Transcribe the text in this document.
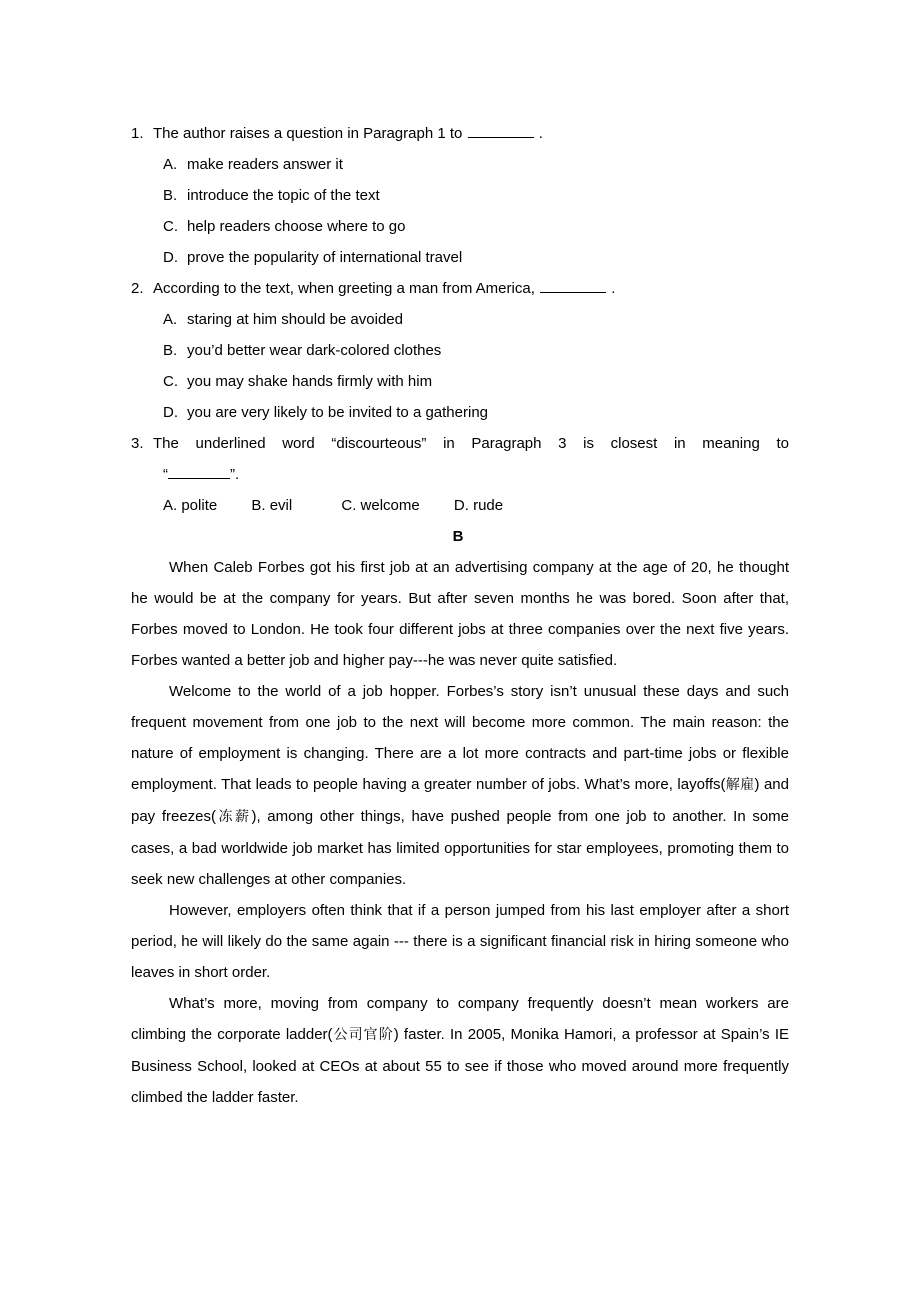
1. The author raises a question in Paragraph 1 to	.
A. make readers answer it
B. introduce the topic of the text
C. help readers choose where to go
D. prove the popularity of international travel
2. According to the text, when greeting a man from America,	.
A. staring at him should be avoided
B. you’d better wear dark-colored clothes
C. you may shake hands firmly with him
D. you are very likely to be invited to a gathering
3. The underlined word “discourteous” in Paragraph 3 is closest in meaning to
“	”.
A. polite   B. evil    C. welcome   D. rude
B

When Caleb Forbes got his first job at an advertising company at the age of 20, he thought he would be at the company for years. But after seven months he was bored. Soon after that, Forbes moved to London. He took four different jobs at three companies over the next five years. Forbes wanted a better job and higher pay---he was never quite satisfied.

Welcome to the world of a job hopper. Forbes’s story isn’t unusual these days and such frequent movement from one job to the next will become more common. The main reason: the nature of employment is changing. There are a lot more contracts and part-time jobs or flexible employment. That leads to people having a greater number of jobs. What’s more, layoffs(解雇) and pay freezes(冻薪), among other things, have pushed people from one job to another. In some cases, a bad worldwide job market has limited opportunities for star employees, promoting them to seek new challenges at other companies.

However, employers often think that if a person jumped from his last employer after a short period, he will likely do the same again --- there is a significant financial risk in hiring someone who leaves in short order.

What’s more, moving from company to company frequently doesn’t mean workers are climbing the corporate ladder(公司官阶) faster. In 2005, Monika Hamori, a professor at Spain’s IE Business School, looked at CEOs at about 55 to see if those who moved around more frequently climbed the ladder faster.
